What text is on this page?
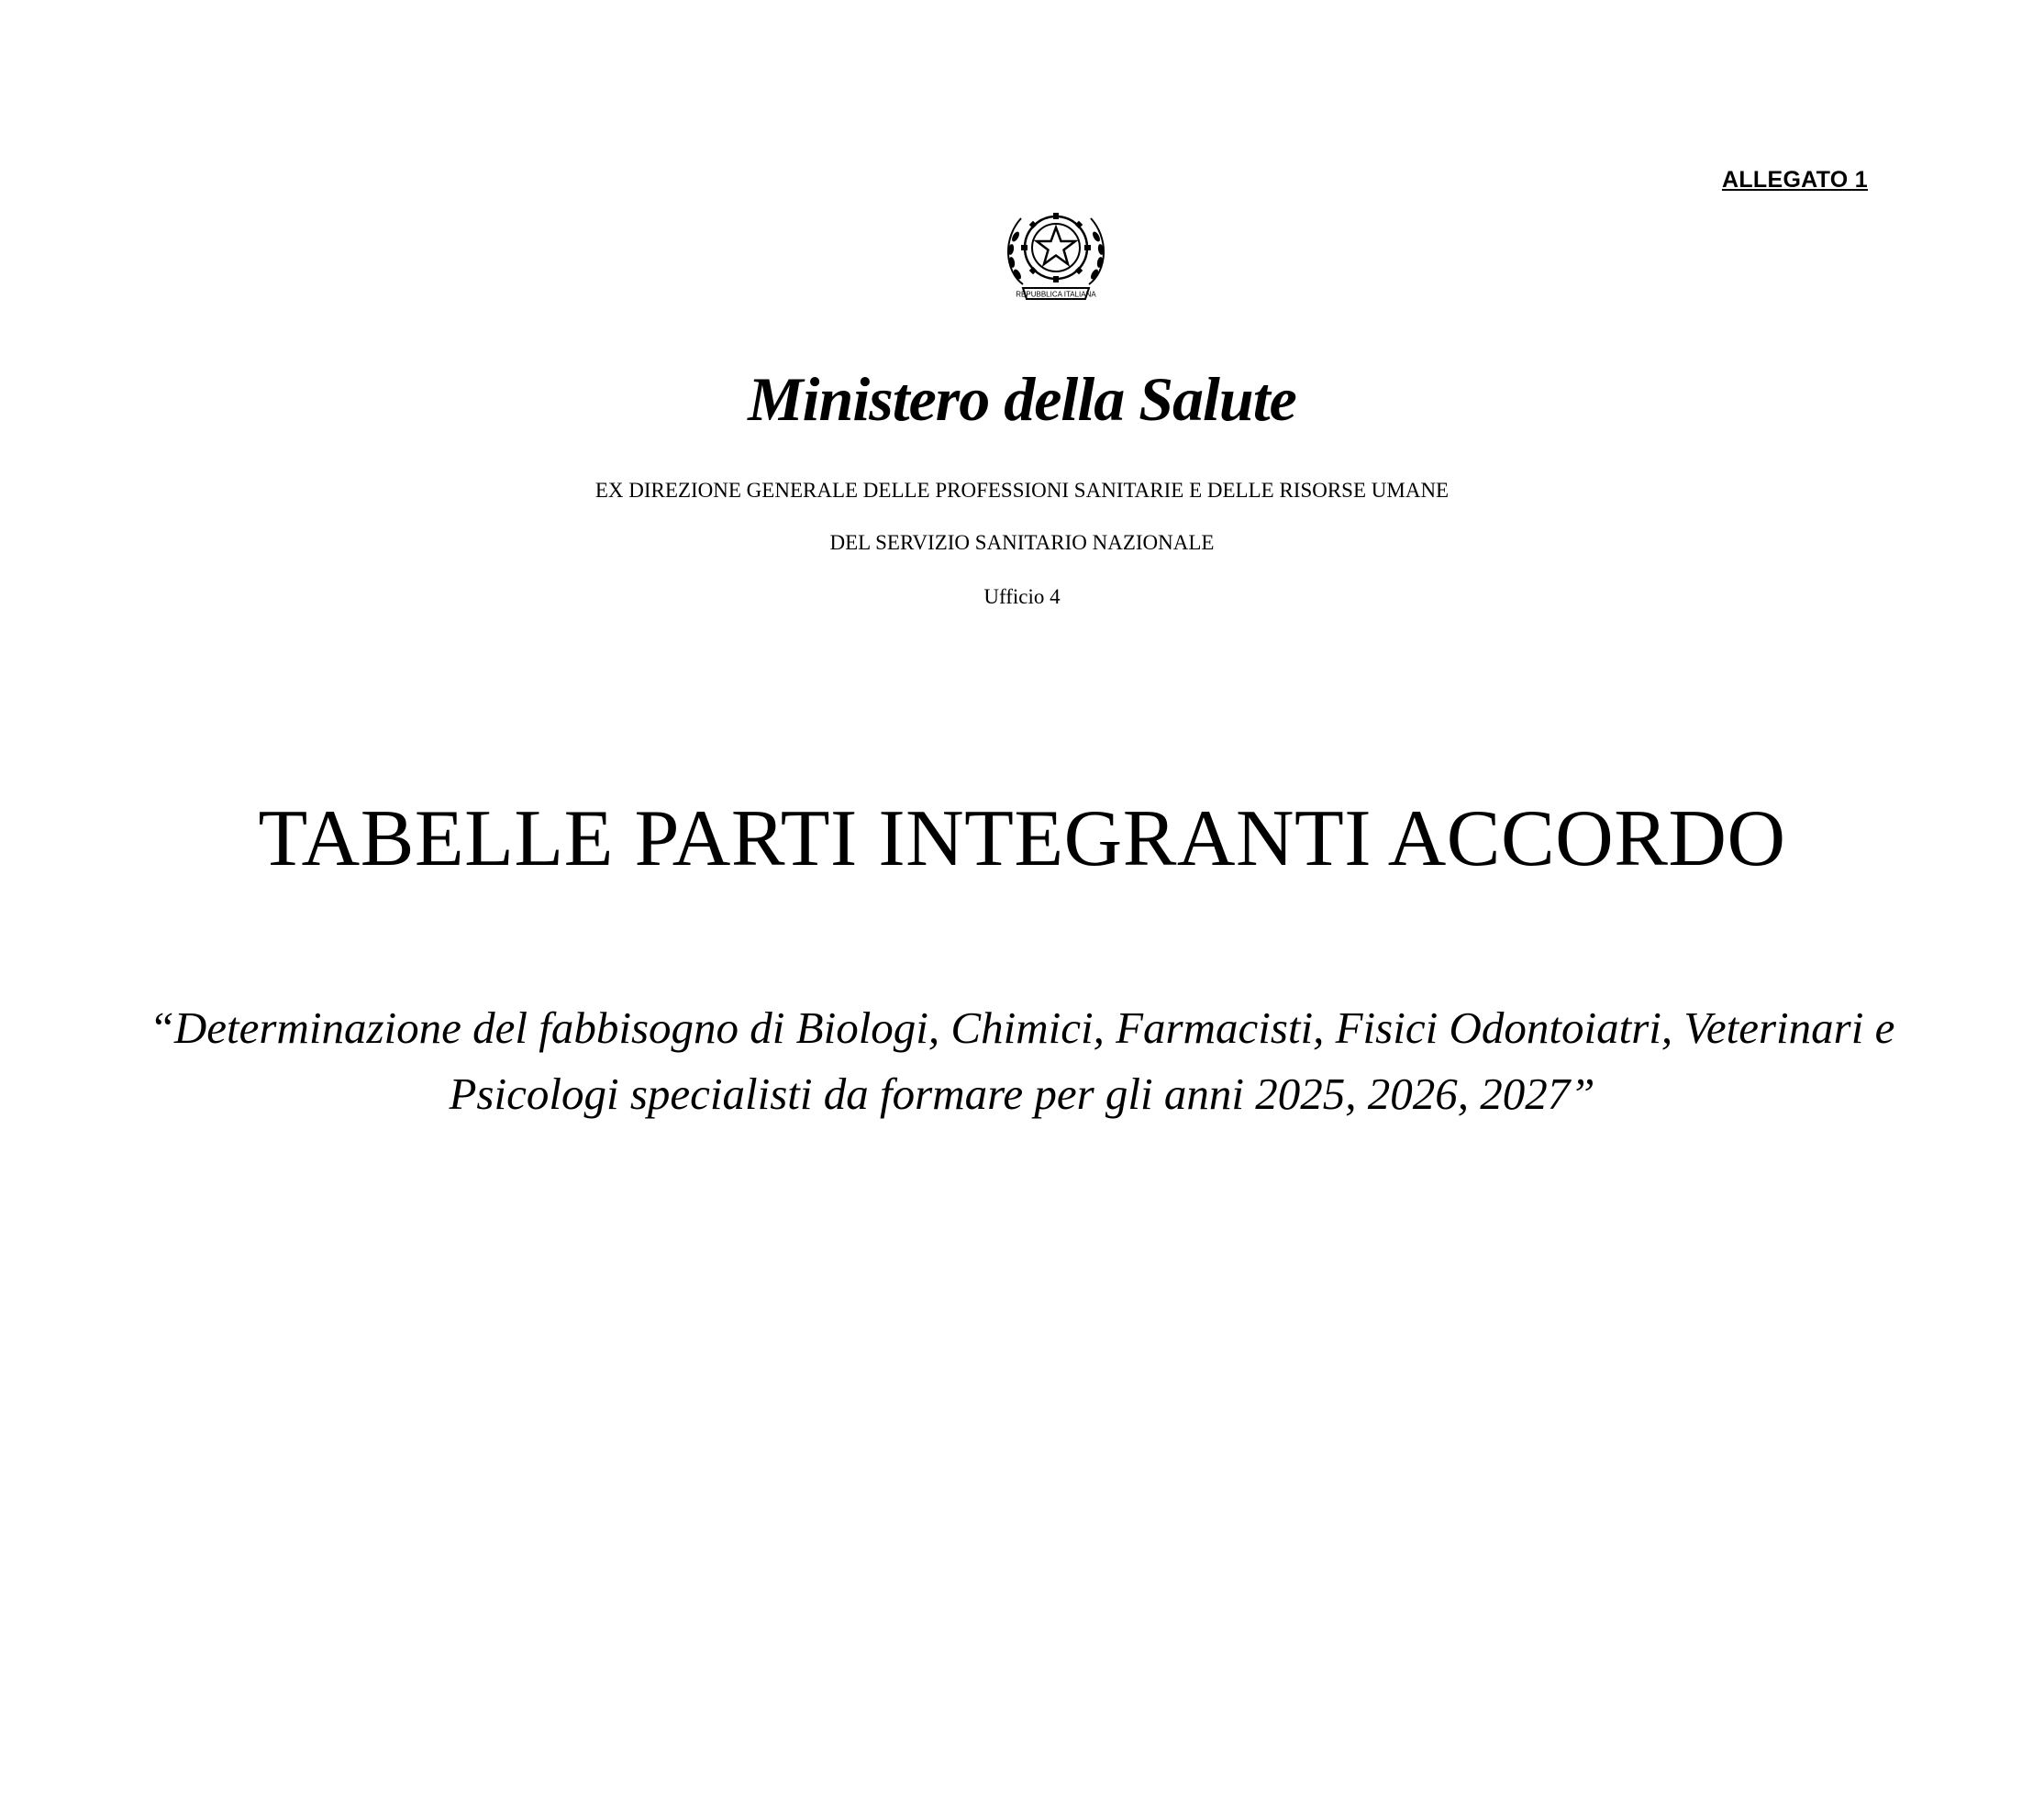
ALLEGATO 1
REPUBBLICA ITALIANA
Ministero della Salute
EX DIREZIONE GENERALE DELLE PROFESSIONI SANITARIE E DELLE RISORSE UMANE
DEL SERVIZIO SANITARIO NAZIONALE
Ufficio 4
TABELLE PARTI INTEGRANTI ACCORDO
“Determinazione del fabbisogno di Biologi, Chimici, Farmacisti, Fisici Odontoiatri, Veterinari e
Psicologi specialisti da formare per gli anni 2025, 2026, 2027”
